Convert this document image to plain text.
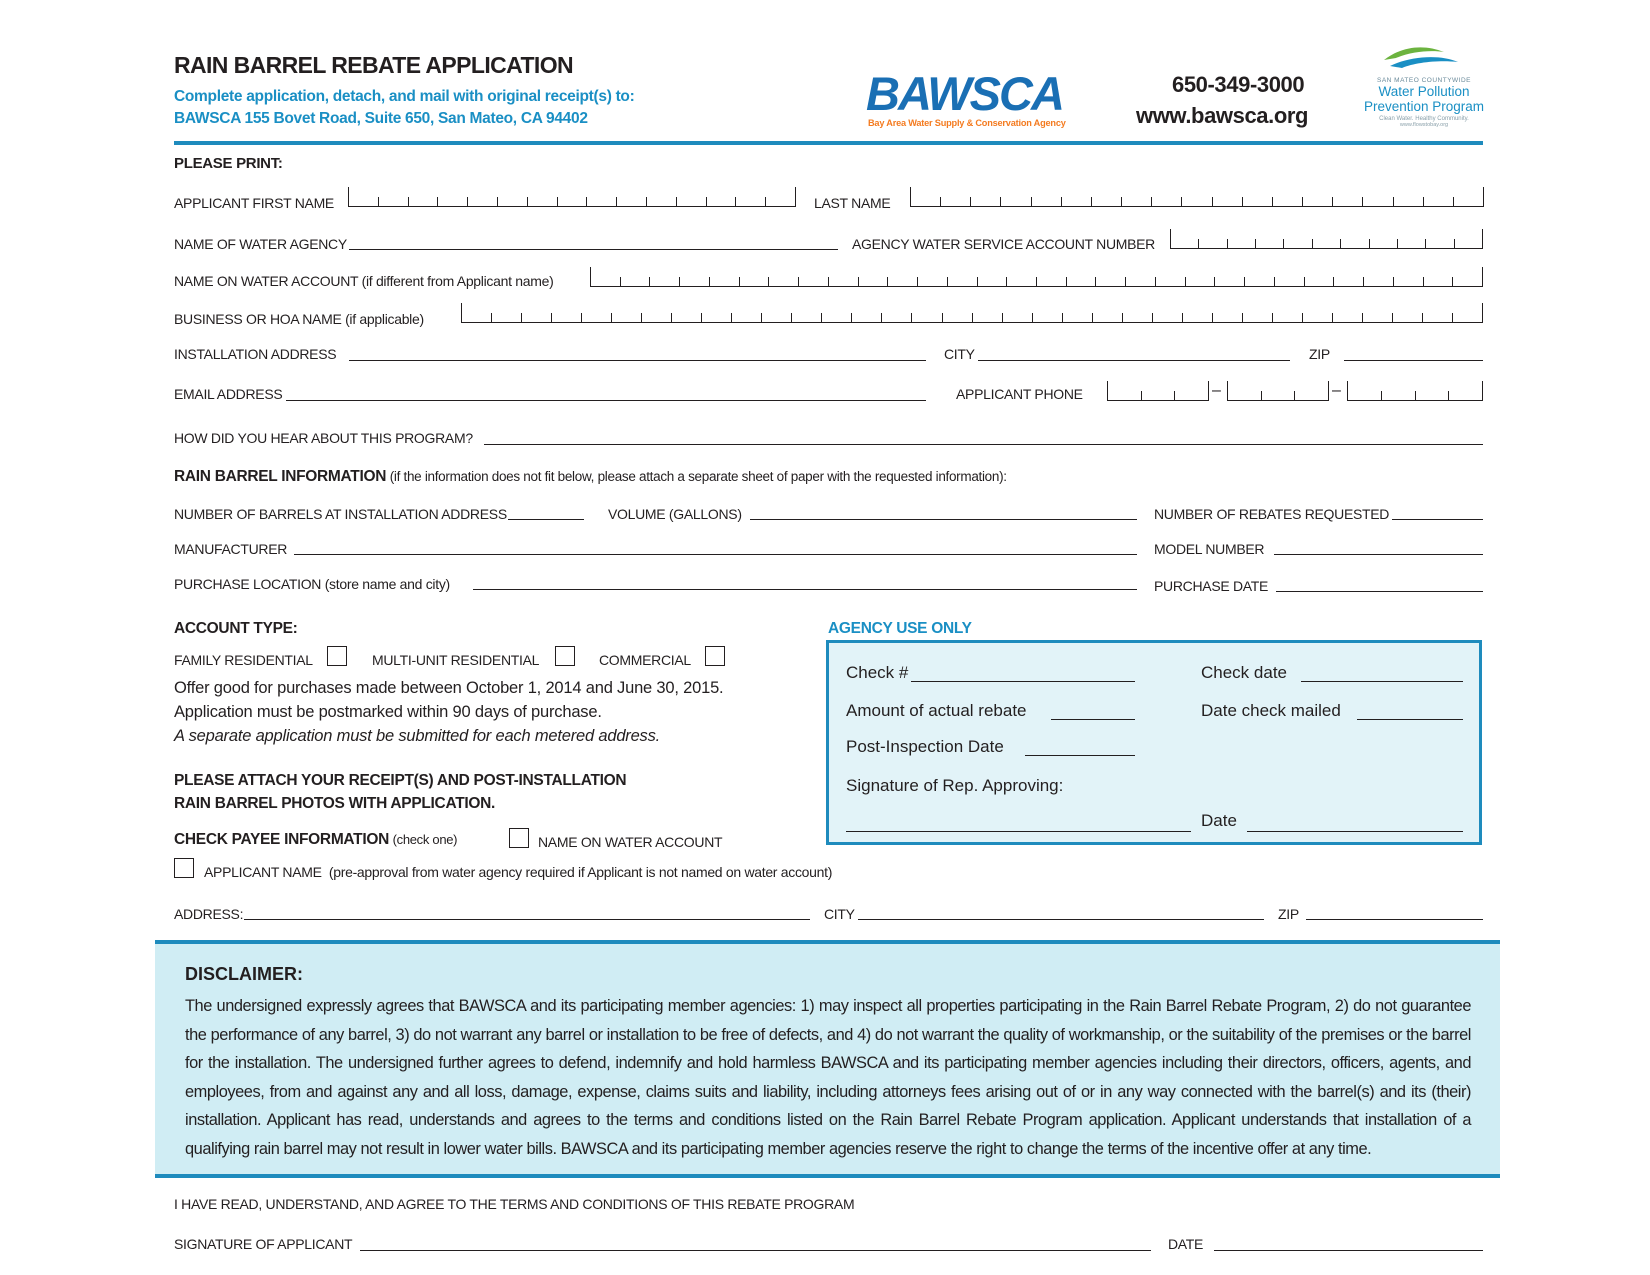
RAIN BARREL REBATE APPLICATION
Complete application, detach, and mail with original receipt(s) to:
BAWSCA 155 Bovet Road, Suite 650, San Mateo, CA 94402	BAWSCA
Bay Area Water Supply & Conservation Agency
650-349-3000
www.bawsca.org
SAN MATEO COUNTYWIDE
Water Pollution
Prevention Program
Clean Water. Healthy Community.
www.flowstobay.org
PLEASE PRINT:
APPLICANT FIRST NAME	LAST NAME
NAME OF WATER AGENCY	AGENCY WATER SERVICE ACCOUNT NUMBER
NAME ON WATER ACCOUNT (if different from Applicant name)
BUSINESS OR HOA NAME (if applicable)
INSTALLATION ADDRESS	CITY	ZIP
EMAIL ADDRESS	APPLICANT PHONE	–	–
HOW DID YOU HEAR ABOUT THIS PROGRAM?
RAIN BARREL INFORMATION (if the information does not fit below, please attach a separate sheet of paper with the requested information):
NUMBER OF BARRELS AT INSTALLATION ADDRESS	VOLUME (GALLONS)	NUMBER OF REBATES REQUESTED
MANUFACTURER	MODEL NUMBER
PURCHASE LOCATION (store name and city)	PURCHASE DATE
ACCOUNT TYPE:
FAMILY RESIDENTIAL	MULTI-UNIT RESIDENTIAL	COMMERCIAL
Offer good for purchases made between October 1, 2014 and June 30, 2015.
Application must be postmarked within 90 days of purchase.
A separate application must be submitted for each metered address.
PLEASE ATTACH YOUR RECEIPT(S) AND POST-INSTALLATION
RAIN BARREL PHOTOS WITH APPLICATION.
CHECK PAYEE INFORMATION (check one)	NAME ON WATER ACCOUNT
APPLICANT NAME (pre-approval from water agency required if Applicant is not named on water account)
ADDRESS:	CITY	ZIP
AGENCY USE ONLY
Check #	Check date
Amount of actual rebate	Date check mailed
Post-Inspection Date
Signature of Rep. Approving:
Date
DISCLAIMER:
The undersigned expressly agrees that BAWSCA and its participating member agencies: 1) may inspect all properties participating in the Rain Barrel Rebate Program, 2) do not guarantee the performance of any barrel, 3) do not warrant any barrel or installation to be free of defects, and 4) do not warrant the quality of workmanship, or the suitability of the premises or the barrel for the installation. The undersigned further agrees to defend, indemnify and hold harmless BAWSCA and its participating member agencies including their directors, officers, agents, and employees, from and against any and all loss, damage, expense, claims suits and liability, including attorneys fees arising out of or in any way connected with the barrel(s) and its (their) installation. Applicant has read, understands and agrees to the terms and conditions listed on the Rain Barrel Rebate Program application. Applicant understands that installation of a qualifying rain barrel may not result in lower water bills. BAWSCA and its participating member agencies reserve the right to change the terms of the incentive offer at any time.
I HAVE READ, UNDERSTAND, AND AGREE TO THE TERMS AND CONDITIONS OF THIS REBATE PROGRAM
SIGNATURE OF APPLICANT	DATE
